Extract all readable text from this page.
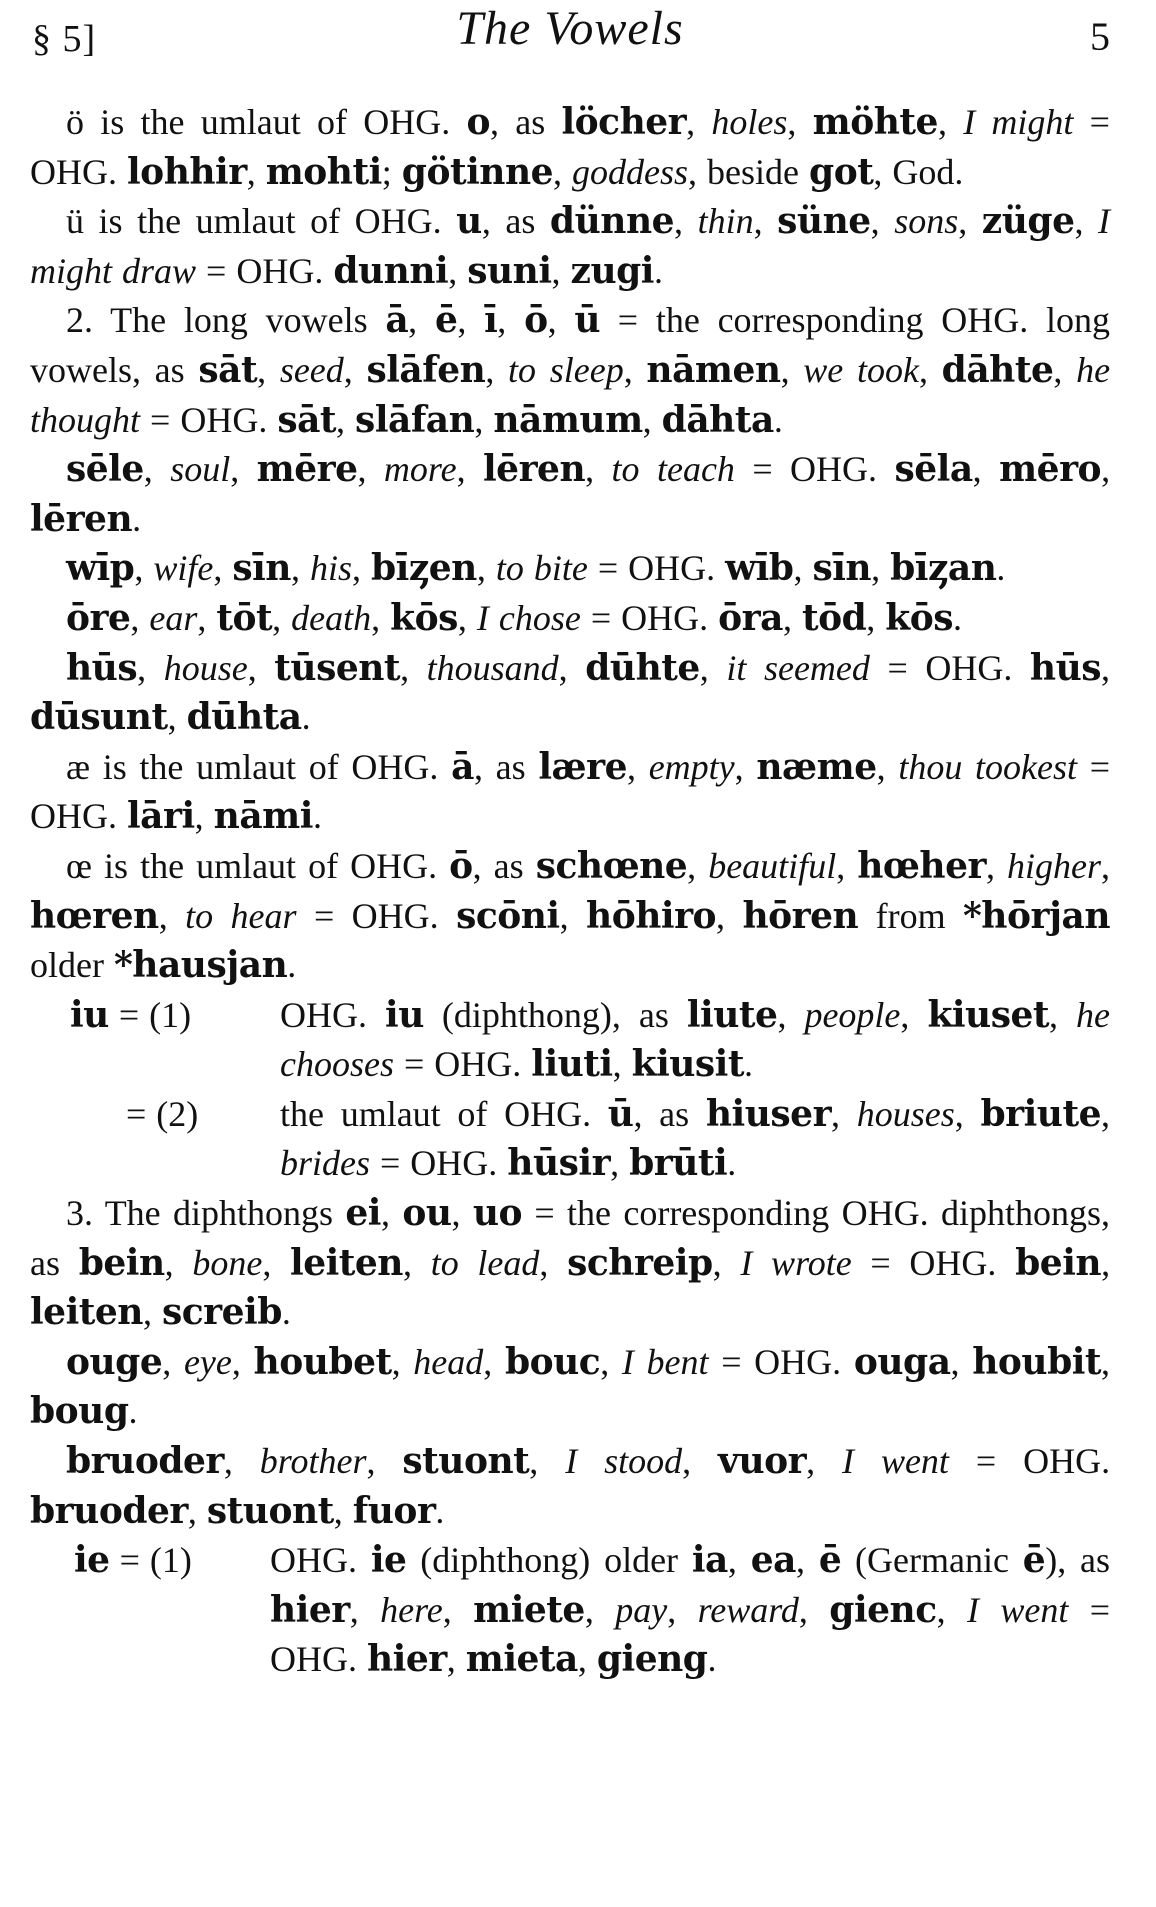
§ 5]	The Vowels	5

ö is the umlaut of OHG. o, as löcher, holes, möhte, I might = OHG. lohhir, mohti; götinne, goddess, beside got, God.

ü is the umlaut of OHG. u, as dünne, thin, süne, sons, züge, I might draw = OHG. dunni, suni, zugi.

2. The long vowels ā, ē, ī, ō, ū = the corresponding OHG. long vowels, as sāt, seed, slāfen, to sleep, nāmen, we took, dāhte, he thought = OHG. sāt, slāfan, nāmum, dāhta.

sēle, soul, mēre, more, lēren, to teach = OHG. sēla, mēro, lēren.

wīp, wife, sīn, his, bīȥen, to bite = OHG. wīb, sīn, bīȥan.

ōre, ear, tōt, death, kōs, I chose = OHG. ōra, tōd, kōs.

hūs, house, tūsent, thousand, dūhte, it seemed = OHG. hūs, dūsunt, dūhta.

æ is the umlaut of OHG. ā, as lære, empty, næme, thou tookest = OHG. lāri, nāmi.

œ is the umlaut of OHG. ō, as schœne, beautiful, hœher, higher, hœren, to hear = OHG. scōni, hōhiro, hōren from *hōrjan older *hausjan.

iu = (1) OHG. iu (diphthong), as liute, people, kiuset, he chooses = OHG. liuti, kiusit.

= (2) the umlaut of OHG. ū, as hiuser, houses, briute, brides = OHG. hūsir, brūti.

3. The diphthongs ei, ou, uo = the corresponding OHG. diphthongs, as bein, bone, leiten, to lead, schreip, I wrote = OHG. bein, leiten, screib.

ouge, eye, houbet, head, bouc, I bent = OHG. ouga, houbit, boug.

bruoder, brother, stuont, I stood, vuor, I went = OHG. bruoder, stuont, fuor.

ie = (1) OHG. ie (diphthong) older ia, ea, ē (Germanic ē), as hier, here, miete, pay, reward, gienc, I went = OHG. hier, mieta, gieng.
